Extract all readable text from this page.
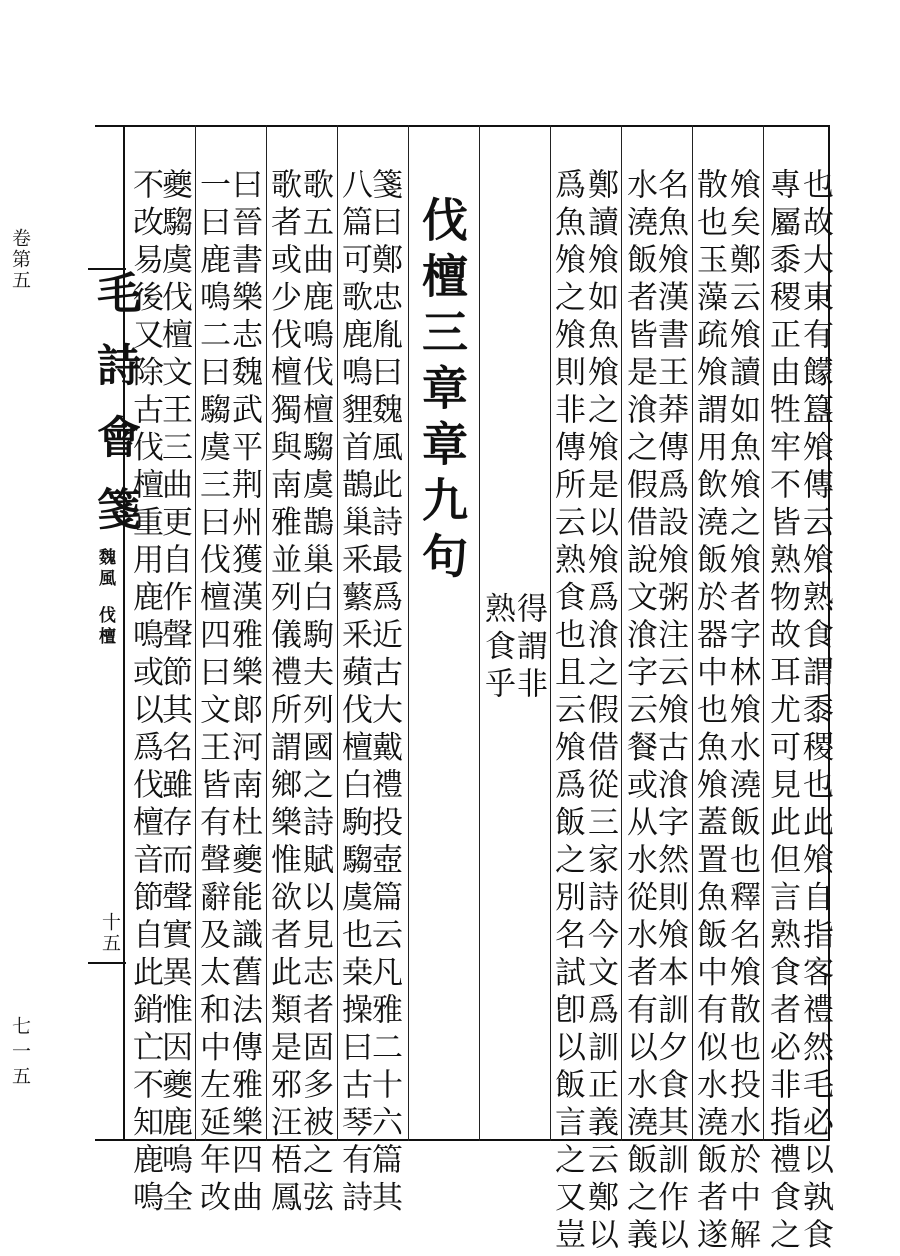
卷第五
七一五
毛詩會箋
魏風
伐檀
十五
伐檀三章章九句	也故大東有饛簋飧傳云飧熟食謂黍稷也此飧自指客禮然毛必以孰食
專屬黍稷正由牲牢不皆熟物故耳尤可見此但言熟食者必非指禮食之
飧矣鄭云飧讀如魚飧之飧者字林飧水澆飯也釋名飧散也投水於中解
散也玉藻疏飧謂用飲澆飯於器中也魚飧蓋置魚飯中有似水澆飯者遂
名魚飧漢書王莽傳爲設飧粥注云飧古湌字然則飧本訓夕食其訓作以
水澆飯者皆是湌之假借說文湌字云餐或从水從水者有以水澆飯之義
鄭讀飧如魚飧之飧是以飧爲湌之假借從三家詩今文爲訓正義云鄭以
爲魚飧之飧則非傳所云熟食也且云飧爲飯之別名試卽以飯言之又豈
得謂非
熟食乎
箋曰鄭忠胤曰魏風此詩最爲近古大戴禮投壺篇云凡雅二十六篇其
八篇可歌鹿鳴貍首鵲巢釆蘩釆蘋伐檀白駒騶虞也桒操曰古琴有詩
歌五曲鹿鳴伐檀騶虞鵲巢白駒夫列國之詩賦以見志者固多被之弦
歌者或少伐檀獨與南雅並列儀禮所謂鄉樂惟欲者此類是邪汪梧鳳
曰晉書樂志魏武平荆州獲漢雅樂郞河南杜夔能識舊法傳雅樂四曲
一曰鹿鳴二曰騶虞三曰伐檀四曰文王皆有聲辭及太和中左延年改
夔騶虞伐檀文王三曲更自作聲節其名雖存而聲實異惟因夔鹿鳴全
不改易後又除古伐檀重用鹿鳴或以爲伐檀音節自此銷亡不知鹿鳴
